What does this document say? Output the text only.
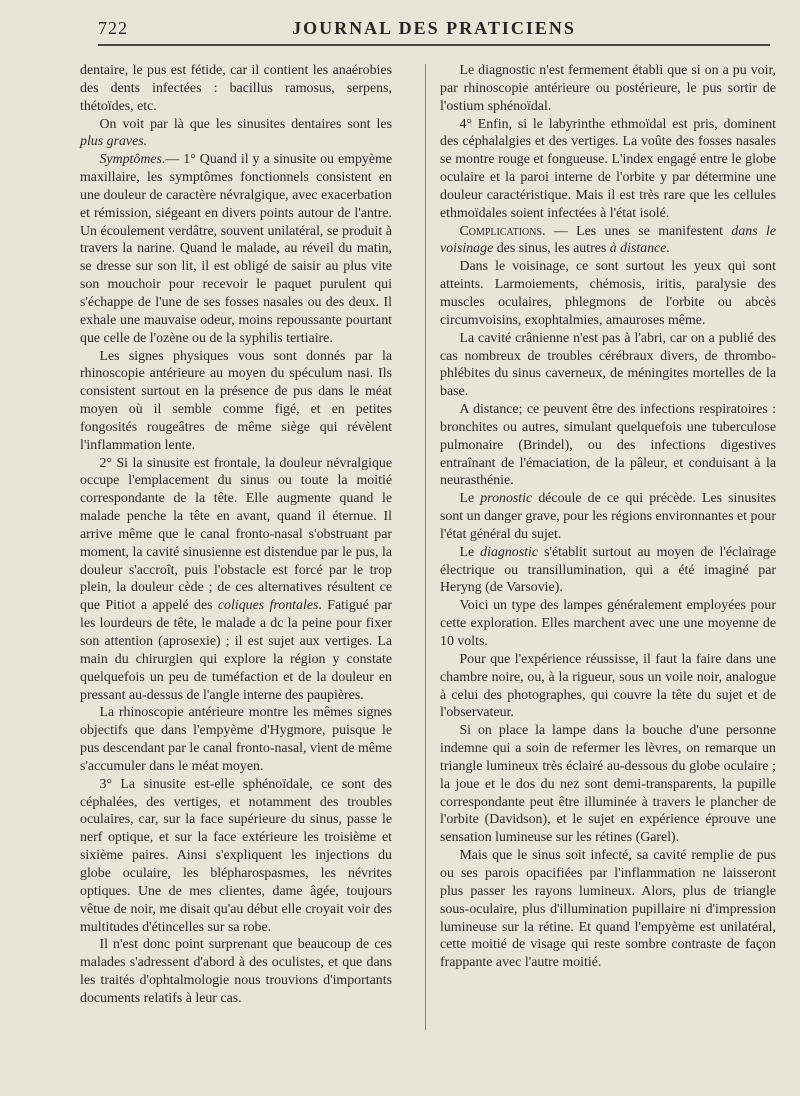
722	JOURNAL DES PRATICIENS

dentaire, le pus est fétide, car il contient les anaérobies des dents infectées : bacillus ramosus, serpens, thétoïdes, etc.

On voit par là que les sinusites dentaires sont les plus graves.

Symptômes.— 1° Quand il y a sinusite ou empyème maxillaire, les symptômes fonctionnels consistent en une douleur de caractère névralgique, avec exacerbation et rémission, siégeant en divers points autour de l'antre. Un écoulement verdâtre, souvent unilatéral, se produit à travers la narine. Quand le malade, au réveil du matin, se dresse sur son lit, il est obligé de saisir au plus vite son mouchoir pour recevoir le paquet purulent qui s'échappe de l'une de ses fosses nasales ou des deux. Il exhale une mauvaise odeur, moins repoussante pourtant que celle de l'ozène ou de la syphilis tertiaire.

Les signes physiques vous sont donnés par la rhinoscopie antérieure au moyen du spéculum nasi. Ils consistent surtout en la présence de pus dans le méat moyen où il semble comme figé, et en petites fongosités rougeâtres de même siège qui révèlent l'inflammation lente.

2° Si la sinusite est frontale, la douleur névralgique occupe l'emplacement du sinus ou toute la moitié correspondante de la tête. Elle augmente quand le malade penche la tête en avant, quand il éternue. Il arrive même que le canal fronto-nasal s'obstruant par moment, la cavité sinusienne est distendue par le pus, la douleur s'accroît, puis l'obstacle est forcé par le trop plein, la douleur cède ; de ces alternatives résultent ce que Pitiot a appelé des coliques frontales. Fatigué par les lourdeurs de tête, le malade a dc la peine pour fixer son attention (aprosexie) ; il est sujet aux vertiges. La main du chirurgien qui explore la région y constate quelquefois un peu de tuméfaction et de la douleur en pressant au-dessus de l'angle interne des paupières.

La rhinoscopie antérieure montre les mêmes signes objectifs que dans l'empyème d'Hygmore, puisque le pus descendant par le canal fronto-nasal, vient de même s'accumuler dans le méat moyen.

3° La sinusite est-elle sphénoïdale, ce sont des céphalées, des vertiges, et notamment des troubles oculaires, car, sur la face supérieure du sinus, passe le nerf optique, et sur la face extérieure les troisième et sixième paires. Ainsi s'expliquent les injections du globe oculaire, les blépharospasmes, les névrites optiques. Une de mes clientes, dame âgée, toujours vêtue de noir, me disait qu'au début elle croyait voir des multitudes d'étincelles sur sa robe.

Il n'est donc point surprenant que beaucoup de ces malades s'adressent d'abord à des oculistes, et que dans les traités d'ophtalmologie nous trouvions d'importants documents relatifs à leur cas.

Le diagnostic n'est fermement établi que si on a pu voir, par rhinoscopie antérieure ou postérieure, le pus sortir de l'ostium sphénoïdal.

4° Enfin, si le labyrinthe ethmoïdal est pris, dominent des céphalalgies et des vertiges. La voûte des fosses nasales se montre rouge et fongueuse. L'index engagé entre le globe oculaire et la paroi interne de l'orbite y par détermine une douleur caractéristique. Mais il est très rare que les cellules ethmoïdales soient infectées à l'état isolé.

Complications. — Les unes se manifestent dans le voisinage des sinus, les autres à distance.

Dans le voisinage, ce sont surtout les yeux qui sont atteints. Larmoiements, chémosis, iritis, paralysie des muscles oculaires, phlegmons de l'orbite ou abcès circumvoisins, exophtalmies, amauroses même.

La cavité crânienne n'est pas à l'abri, car on a publié des cas nombreux de troubles cérébraux divers, de thrombo-phlébites du sinus caverneux, de méningites mortelles de la base.

A distance; ce peuvent être des infections respiratoires : bronchites ou autres, simulant quelquefois une tuberculose pulmonaire (Brindel), ou des infections digestives entraînant de l'émaciation, de la pâleur, et conduisant à la neurasthénie.

Le pronostic découle de ce qui précède. Les sinusites sont un danger grave, pour les régions environnantes et pour l'état général du sujet.

Le diagnostic s'établit surtout au moyen de l'éclairage électrique ou transillumination, qui a été imaginé par Heryng (de Varsovie).

Voici un type des lampes généralement employées pour cette exploration. Elles marchent avec une une moyenne de 10 volts.

Pour que l'expérience réussisse, il faut la faire dans une chambre noire, ou, à la rigueur, sous un voile noir, analogue à celui des photographes, qui couvre la tête du sujet et de l'observateur.

Si on place la lampe dans la bouche d'une personne indemne qui a soin de refermer les lèvres, on remarque un triangle lumineux très éclairé au-dessous du globe oculaire ; la joue et le dos du nez sont demi-transparents, la pupille correspondante peut être illuminée à travers le plancher de l'orbite (Davidson), et le sujet en expérience éprouve une sensation lumineuse sur les rétines (Garel).

Mais que le sinus soit infecté, sa cavité remplie de pus ou ses parois opacifiées par l'inflammation ne laisseront plus passer les rayons lumineux. Alors, plus de triangle sous-oculaire, plus d'illumination pupillaire ni d'impression lumineuse sur la rétine. Et quand l'empyème est unilatéral, cette moitié de visage qui reste sombre contraste de façon frappante avec l'autre moitié.
